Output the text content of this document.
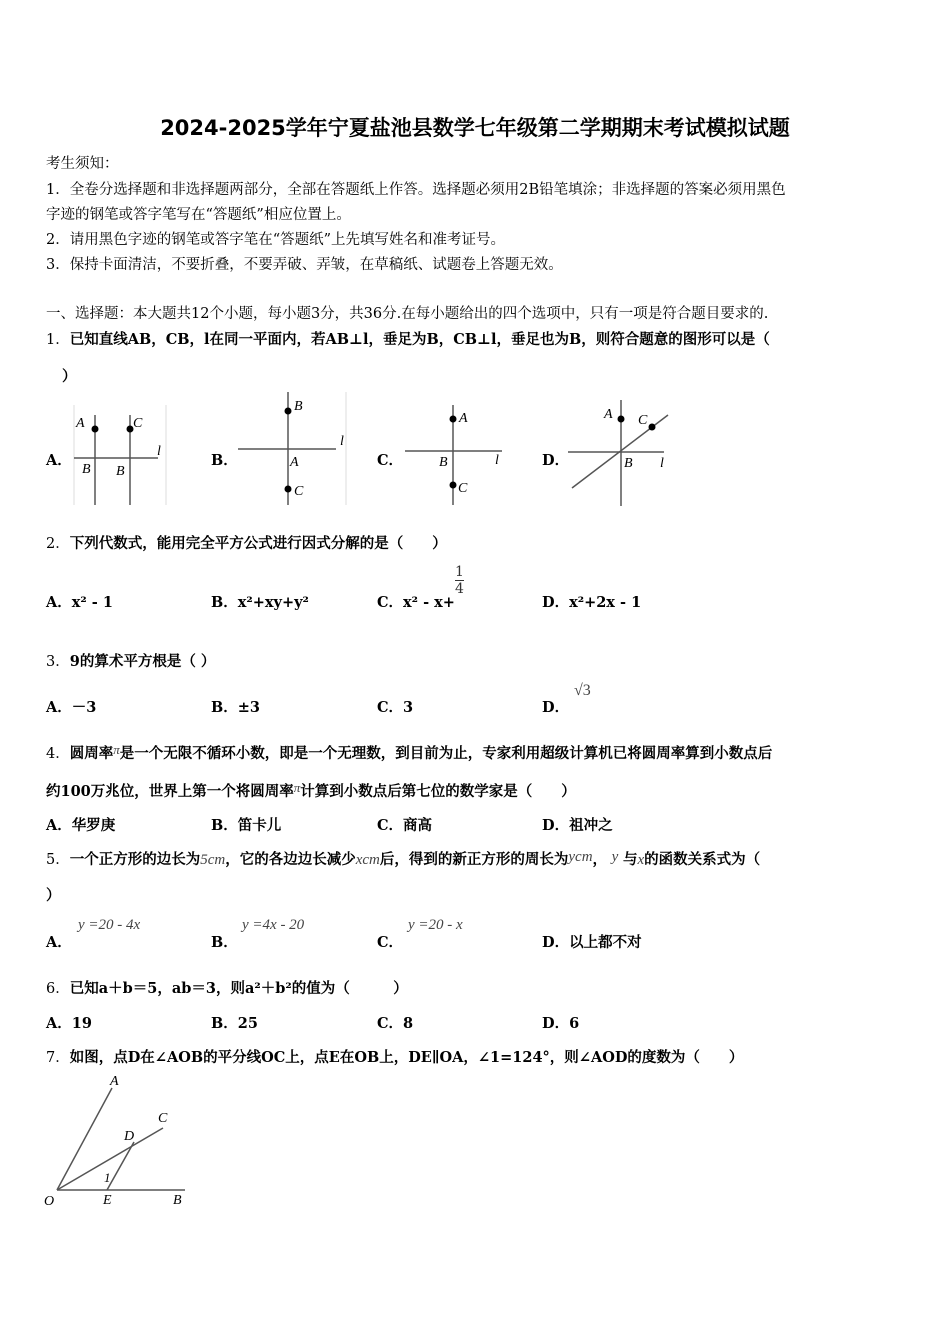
2024-2025学年宁夏盐池县数学七年级第二学期期末考试模拟试题
考生须知：
1．全卷分选择题和非选择题两部分，全部在答题纸上作答。选择题必须用2B铅笔填涂；非选择题的答案必须用黑色
字迹的钢笔或答字笔写在“答题纸”相应位置上。
2．请用黑色字迹的钢笔或答字笔在“答题纸”上先填写姓名和准考证号。
3．保持卡面清洁，不要折叠，不要弄破、弄皱，在草稿纸、试题卷上答题无效。
一、选择题：本大题共12个小题，每小题3分，共36分.在每小题给出的四个选项中，只有一项是符合题目要求的.
1．已知直线AB，CB，l在同一平面内，若AB⊥l，垂足为B，CB⊥l，垂足也为B，则符合题意的图形可以是（
）
A．	B．	C．	D．
A	C
l
B B
B
l
A
C
A
l
B
C
A C
l
B
2．下列代数式，能用完全平方公式进行因式分解的是（　　）
A．x² - 1	B．x²+xy+y²	C．x² - x+
1
4
D．x²+2x - 1
3．9的算术平方根是（ ）
A．－3	B．±3	C．3	D．
√3
4．圆周率π是一个无限不循环小数，即是一个无理数，到目前为止，专家利用超级计算机已将圆周率算到小数点后
约100万兆位，世界上第一个将圆周率π计算到小数点后第七位的数学家是（　　）
A．华罗庚	B．笛卡儿	C．商高	D．祖冲之
5．一个正方形的边长为5cm，它的各边边长减少xcm后，得到的新正方形的周长为ycm， y 与x的函数关系式为（
）
A．
y =20 - 4x
B．
y =4x - 20
C．
y =20 - x
D．以上都不对
6．已知a＋b＝5，ab＝3，则a²＋b²的值为（　　　）
A．19	B．25	C．8	D．6
7．如图，点D在∠AOB的平分线OC上，点E在OB上，DE∥OA，∠1=124°，则∠AOD的度数为（　　）
A
C
D
1
O	E	B
